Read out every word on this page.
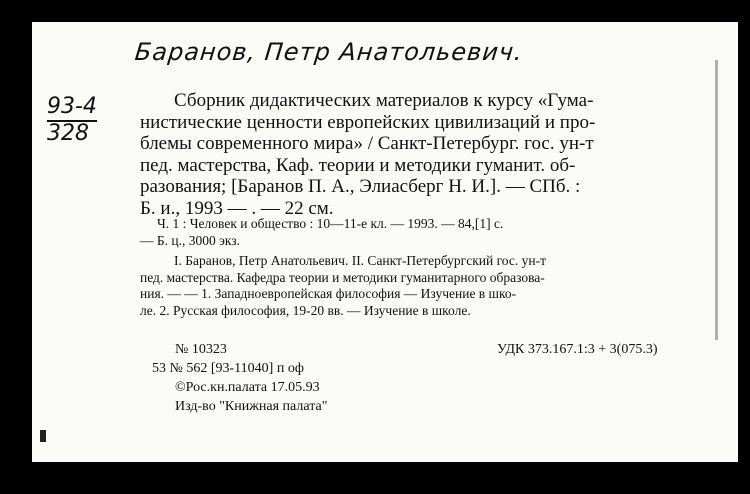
Баранов, Петр Анатольевич.
93-4
328
Сборник дидактических материалов к курсу «Гума-
нистические ценности европейских цивилизаций и про-
блемы современного мира» / Санкт-Петербург. гос. ун-т
пед. мастерства, Каф. теории и методики гуманит. об-
разования; [Баранов П. А., Элиасберг Н. И.]. — СПб. :
Б. и., 1993 — . — 22 см.
Ч. 1 : Человек и общество : 10—11-е кл. — 1993. — 84,[1] с.
— Б. ц., 3000 экз.
I. Баранов, Петр Анатольевич. II. Санкт-Петербургский гос. ун-т
пед. мастерства. Кафедра теории и методики гуманитарного образова-
ния. — — 1. Западноевропейская философия — Изучение в шко-
ле. 2. Русская философия, 19-20 вв. — Изучение в школе.
№ 10323	УДК 373.167.1:3 + 3(075.3)
53 № 562 [93-11040] п оф
©Рос.кн.палата 17.05.93
Изд-во "Книжная палата"
